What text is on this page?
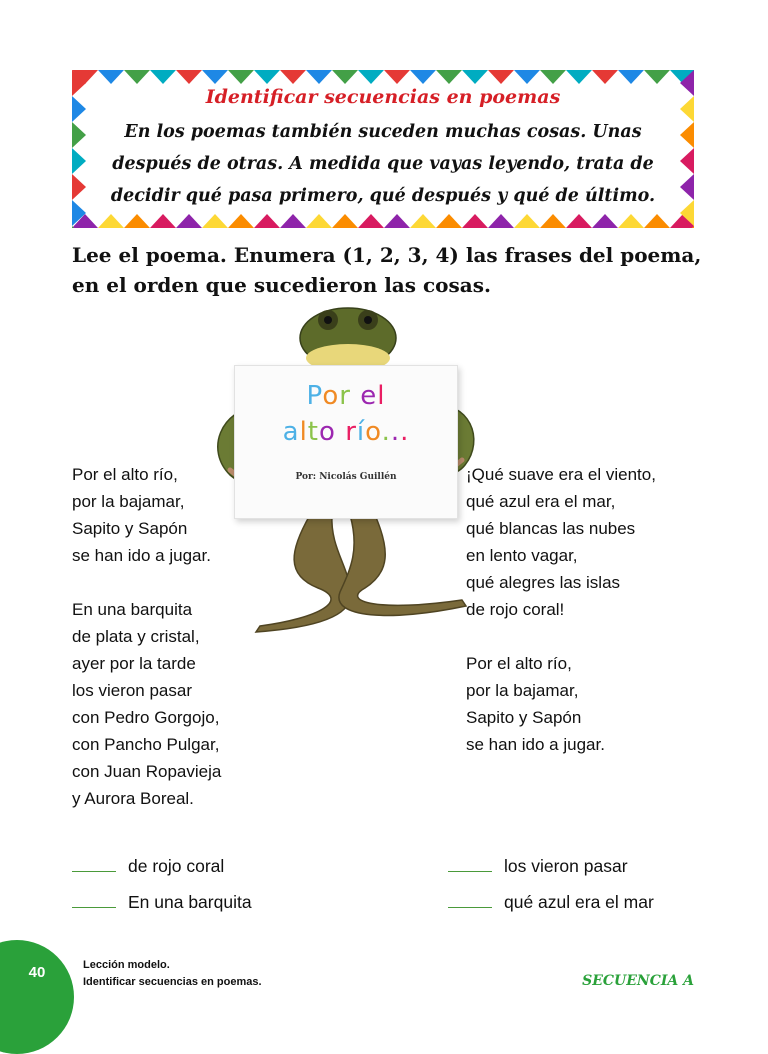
Identificar secuencias en poemas

En los poemas también suceden muchas cosas. Unas
después de otras. A medida que vayas leyendo, trata de
decidir qué pasa primero, qué después y qué de último.

Lee el poema. Enumera (1, 2, 3, 4) las frases del poema,
en el orden que sucedieron las cosas.

Por el
alto río...

Por: Nicolás Guillén

Por el alto río,
por la bajamar,
Sapito y Sapón
se han ido a jugar.
En una barquita
de plata y cristal,
ayer por la tarde
los vieron pasar
con Pedro Gorgojo,
con Pancho Pulgar,
con Juan Ropavieja
y Aurora Boreal.
¡Qué suave era el viento,
qué azul era el mar,
qué blancas las nubes
en lento vagar,
qué alegres las islas
de rojo coral!
Por el alto río,
por la bajamar,
Sapito y Sapón
se han ido a jugar.
de rojo coral	los vieron pasar
En una barquita	qué azul era el mar
40	Lección modelo.
Identificar secuencias en poemas.	SECUENCIA A
